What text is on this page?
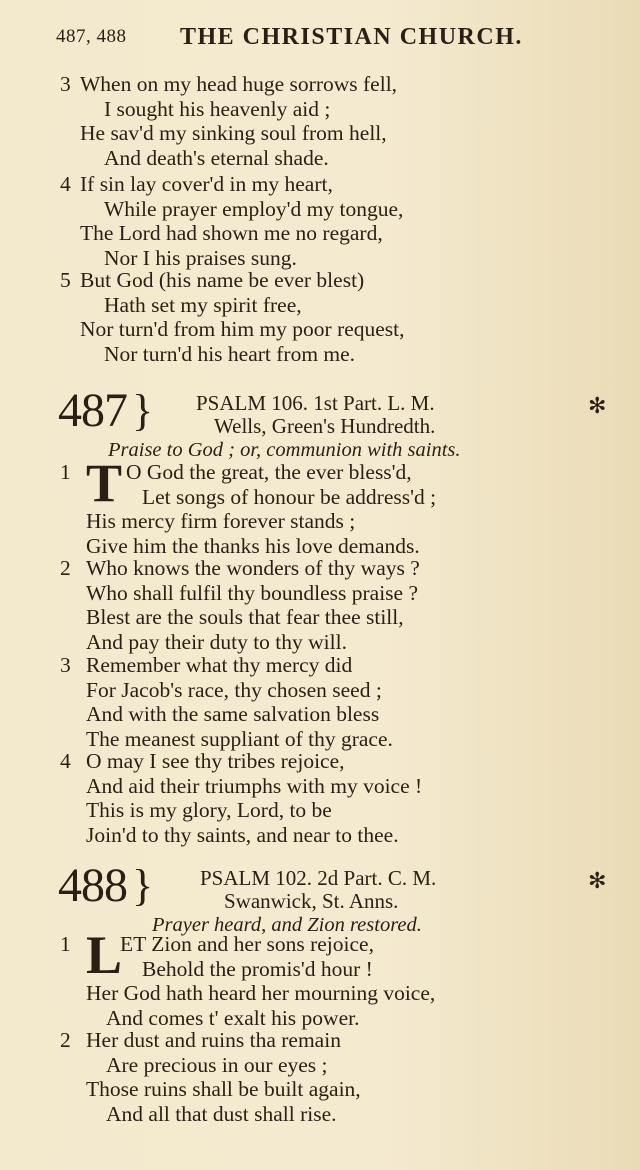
487, 488 THE CHRISTIAN CHURCH.
3 When on my head huge sorrows fell,
I sought his heavenly aid ;
He sav'd my sinking soul from hell,
And death's eternal shade.
4 If sin lay cover'd in my heart,
While prayer employ'd my tongue,
The Lord had shown me no regard,
Nor I his praises sung.
5 But God (his name be ever blest)
Hath set my spirit free,
Nor turn'd from him my poor request,
Nor turn'd his heart from me.
487 } PSALM 106. 1st Part. L. M.
Wells, Green's Hundredth.
Praise to God ; or, communion with saints.
✻
1 T O God the great, the ever bless'd,
Let songs of honour be address'd ;
His mercy firm forever stands ;
Give him the thanks his love demands.
2 Who knows the wonders of thy ways ?
Who shall fulfil thy boundless praise ?
Blest are the souls that fear thee still,
And pay their duty to thy will.
3 Remember what thy mercy did
For Jacob's race, thy chosen seed ;
And with the same salvation bless
The meanest suppliant of thy grace.
4 O may I see thy tribes rejoice,
And aid their triumphs with my voice !
This is my glory, Lord, to be
Join'd to thy saints, and near to thee.
488 } PSALM 102. 2d Part. C. M.
Swanwick, St. Anns.
Prayer heard, and Zion restored.
✻
1 L
ET Zion and her sons rejoice,
Behold the promis'd hour !
Her God hath heard her mourning voice,
And comes t' exalt his power.
2 Her dust and ruins tha remain
Are precious in our eyes ;
Those ruins shall be built again,
And all that dust shall rise.
